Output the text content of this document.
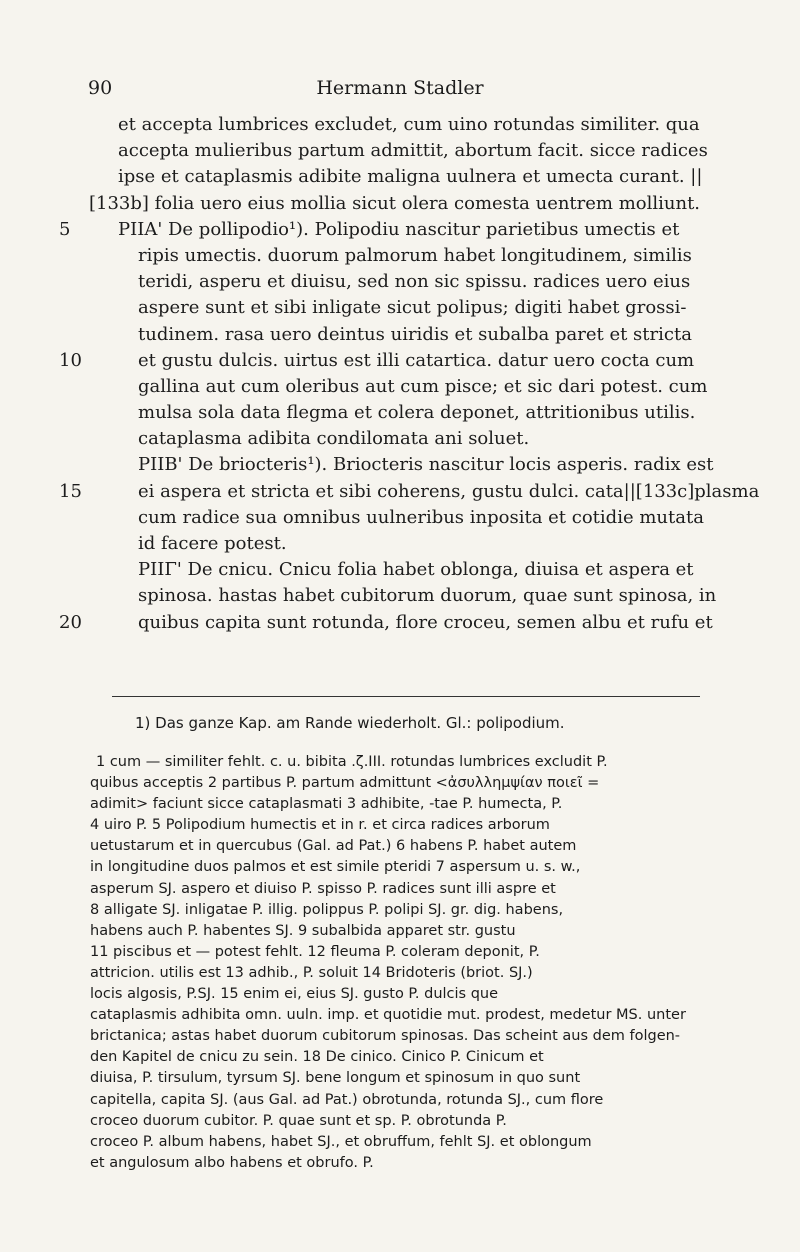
90	Hermann Stadler
et accepta lumbrices excludet, cum uino rotundas similiter. qua
accepta mulieribus partum admittit, abortum facit. sicce radices
ipse et cataplasmis adibite maligna uulnera et umecta curant. ||
[133b] folia uero eius mollia sicut olera comesta uentrem molliunt.
5	PIIA' De pollipodio¹). Polipodiu nascitur parietibus umectis et
ripis umectis. duorum palmorum habet longitudinem, similis
teridi, asperu et diuisu, sed non sic spissu. radices uero eius
aspere sunt et sibi inligate sicut polipus; digiti habet grossi-
tudinem. rasa uero deintus uiridis et subalba paret et stricta
10	et gustu dulcis. uirtus est illi catartica. datur uero cocta cum
gallina aut cum oleribus aut cum pisce; et sic dari potest. cum
mulsa sola data flegma et colera deponet, attritionibus utilis.
cataplasma adibita condilomata ani soluet.
PIIB' De briocteris¹). Briocteris nascitur locis asperis. radix est
15	ei aspera et stricta et sibi coherens, gustu dulci. cata||[133c]plasma
cum radice sua omnibus uulneribus inposita et cotidie mutata
id facere potest.
PIIΓ' De cnicu. Cnicu folia habet oblonga, diuisa et aspera et
spinosa. hastas habet cubitorum duorum, quae sunt spinosa, in
20	quibus capita sunt rotunda, flore croceu, semen albu et rufu et
1) Das ganze Kap. am Rande wiederholt. Gl.: polipodium.
1 cum — similiter fehlt. c. u. bibita .ζ.III. rotundas lumbrices excludit P.
quibus acceptis 2 partibus P. partum admittunt <ἀσυλλημψίαν ποιεῖ =
adimit> faciunt sicce cataplasmati 3 adhibite, -tae P. humecta, P.
4 uiro P. 5 Polipodium humectis et in r. et circa radices arborum
uetustarum et in quercubus (Gal. ad Pat.) 6 habens P. habet autem
in longitudine duos palmos et est simile pteridi 7 aspersum u. s. w.,
asperum SJ. aspero et diuiso P. spisso P. radices sunt illi aspre et
8 alligate SJ. inligatae P. illig. polippus P. polipi SJ. gr. dig. habens,
habens auch P. habentes SJ. 9 subalbida apparet str. gustu
11 piscibus et — potest fehlt. 12 fleuma P. coleram deponit, P.
attricion. utilis est 13 adhib., P. soluit 14 Bridoteris (briot. SJ.)
locis algosis, P.SJ. 15 enim ei, eius SJ. gusto P. dulcis que
cataplasmis adhibita omn. uuln. imp. et quotidie mut. prodest, medetur MS. unter
brictanica; astas habet duorum cubitorum spinosas. Das scheint aus dem folgen-
den Kapitel de cnicu zu sein. 18 De cinico. Cinico P. Cinicum et
diuisa, P. tirsulum, tyrsum SJ. bene longum et spinosum in quo sunt
capitella, capita SJ. (aus Gal. ad Pat.) obrotunda, rotunda SJ., cum flore
croceo duorum cubitor. P. quae sunt et sp. P. obrotunda P.
croceo P. album habens, habet SJ., et obruffum, fehlt SJ. et oblongum
et angulosum albo habens et obrufo. P.
